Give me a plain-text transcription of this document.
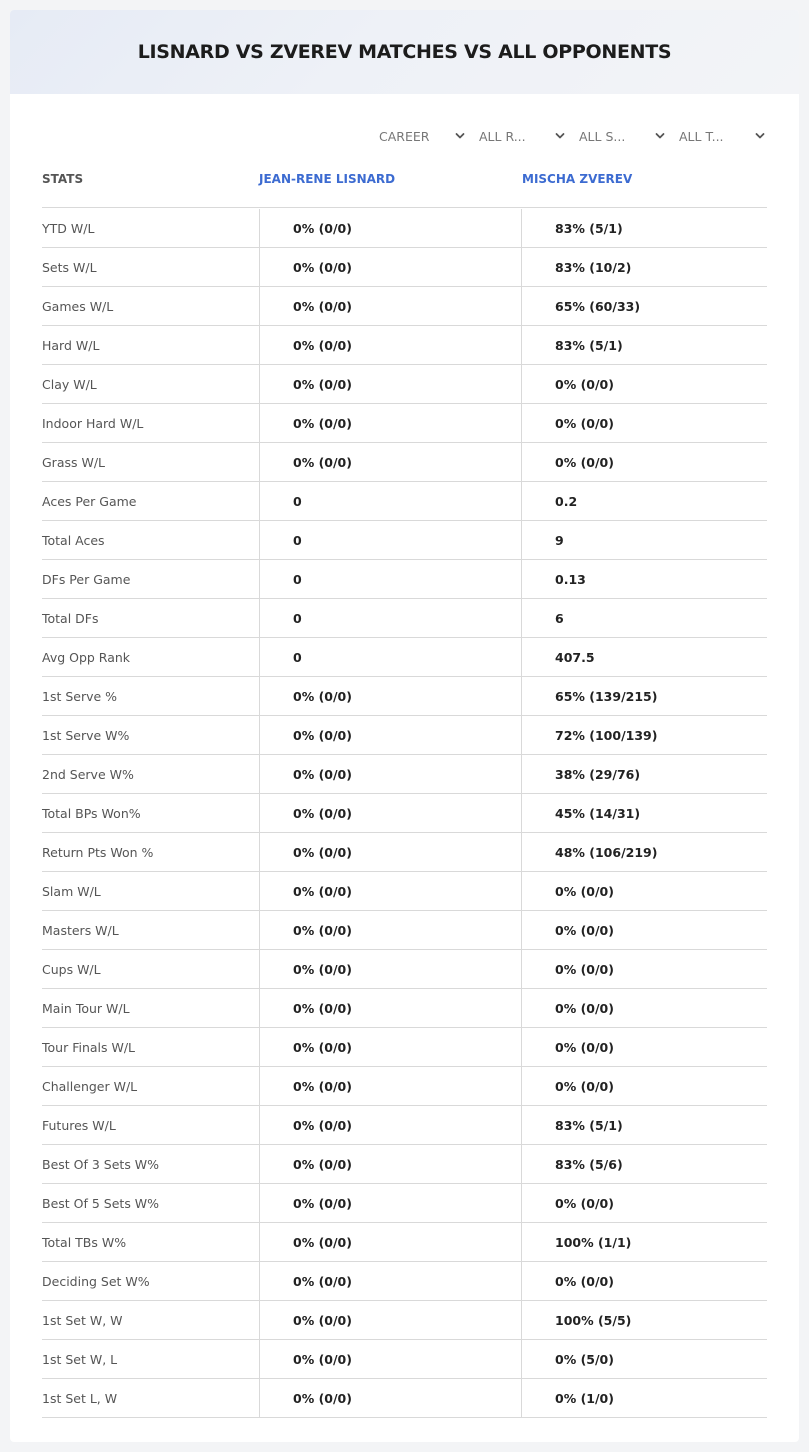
LISNARD VS ZVEREV MATCHES VS ALL OPPONENTS
CAREER	ALL R...	ALL S...	ALL T...
STATS	JEAN-RENE LISNARD	MISCHA ZVEREV
YTD W/L	0% (0/0)	83% (5/1)
Sets W/L	0% (0/0)	83% (10/2)
Games W/L	0% (0/0)	65% (60/33)
Hard W/L	0% (0/0)	83% (5/1)
Clay W/L	0% (0/0)	0% (0/0)
Indoor Hard W/L	0% (0/0)	0% (0/0)
Grass W/L	0% (0/0)	0% (0/0)
Aces Per Game	0	0.2
Total Aces	0	9
DFs Per Game	0	0.13
Total DFs	0	6
Avg Opp Rank	0	407.5
1st Serve %	0% (0/0)	65% (139/215)
1st Serve W%	0% (0/0)	72% (100/139)
2nd Serve W%	0% (0/0)	38% (29/76)
Total BPs Won%	0% (0/0)	45% (14/31)
Return Pts Won %	0% (0/0)	48% (106/219)
Slam W/L	0% (0/0)	0% (0/0)
Masters W/L	0% (0/0)	0% (0/0)
Cups W/L	0% (0/0)	0% (0/0)
Main Tour W/L	0% (0/0)	0% (0/0)
Tour Finals W/L	0% (0/0)	0% (0/0)
Challenger W/L	0% (0/0)	0% (0/0)
Futures W/L	0% (0/0)	83% (5/1)
Best Of 3 Sets W%	0% (0/0)	83% (5/6)
Best Of 5 Sets W%	0% (0/0)	0% (0/0)
Total TBs W%	0% (0/0)	100% (1/1)
Deciding Set W%	0% (0/0)	0% (0/0)
1st Set W, W	0% (0/0)	100% (5/5)
1st Set W, L	0% (0/0)	0% (5/0)
1st Set L, W	0% (0/0)	0% (1/0)
